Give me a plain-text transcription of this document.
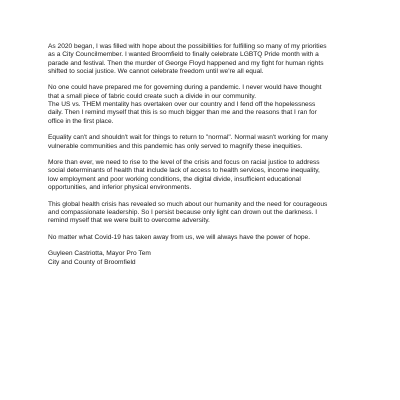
As 2020 began, I was filled with hope about the possibilities for fulfilling so many of my priorities
as a City Councilmember. I wanted Broomfield to finally celebrate LGBTQ Pride month with a
parade and festival. Then the murder of George Floyd happened and my fight for human rights
shifted to social justice. We cannot celebrate freedom until we're all equal.
No one could have prepared me for governing during a pandemic. I never would have thought
that a small piece of fabric could create such a divide in our community.
The US vs. THEM mentality has overtaken over our country and I fend off the hopelessness
daily. Then I remind myself that this is so much bigger than me and the reasons that I ran for
office in the first place.
Equality can't and shouldn't wait for things to return to "normal". Normal wasn't working for many
vulnerable communities and this pandemic has only served to magnify these inequities.
More than ever, we need to rise to the level of the crisis and focus on racial justice to address
social determinants of health that include lack of access to health services, income inequality,
low employment and poor working conditions, the digital divide, insufficient educational
opportunities, and inferior physical environments.
This global health crisis has revealed so much about our humanity and the need for courageous
and compassionate leadership. So I persist because only light can drown out the darkness. I
remind myself that we were built to overcome adversity.
No matter what Covid-19 has taken away from us, we will always have the power of hope.
Guyleen Castriotta, Mayor Pro Tem
City and County of Broomfield
